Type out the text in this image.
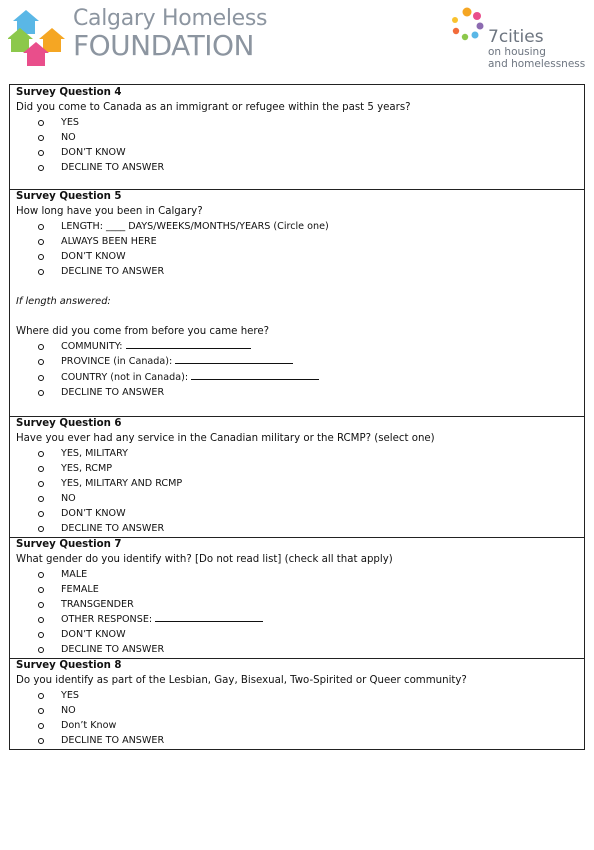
Calgary Homeless
FOUNDATION	7cities
on housing
and homelessness
Survey Question 4
Did you come to Canada as an immigrant or refugee within the past 5 years?
YES
NO
DON’T KNOW
DECLINE TO ANSWER
Survey Question 5
How long have you been in Calgary?
LENGTH: ____ DAYS/WEEKS/MONTHS/YEARS (Circle one)
ALWAYS BEEN HERE
DON’T KNOW
DECLINE TO ANSWER
If length answered:
Where did you come from before you came here?
COMMUNITY:
PROVINCE (in Canada):
COUNTRY (not in Canada):
DECLINE TO ANSWER
Survey Question 6
Have you ever had any service in the Canadian military or the RCMP? (select one)
YES, MILITARY
YES, RCMP
YES, MILITARY AND RCMP
NO
DON’T KNOW
DECLINE TO ANSWER
Survey Question 7
What gender do you identify with? [Do not read list] (check all that apply)
MALE
FEMALE
TRANSGENDER
OTHER RESPONSE:
DON’T KNOW
DECLINE TO ANSWER
Survey Question 8
Do you identify as part of the Lesbian, Gay, Bisexual, Two-Spirited or Queer community?
YES
NO
Don’t Know
DECLINE TO ANSWER
